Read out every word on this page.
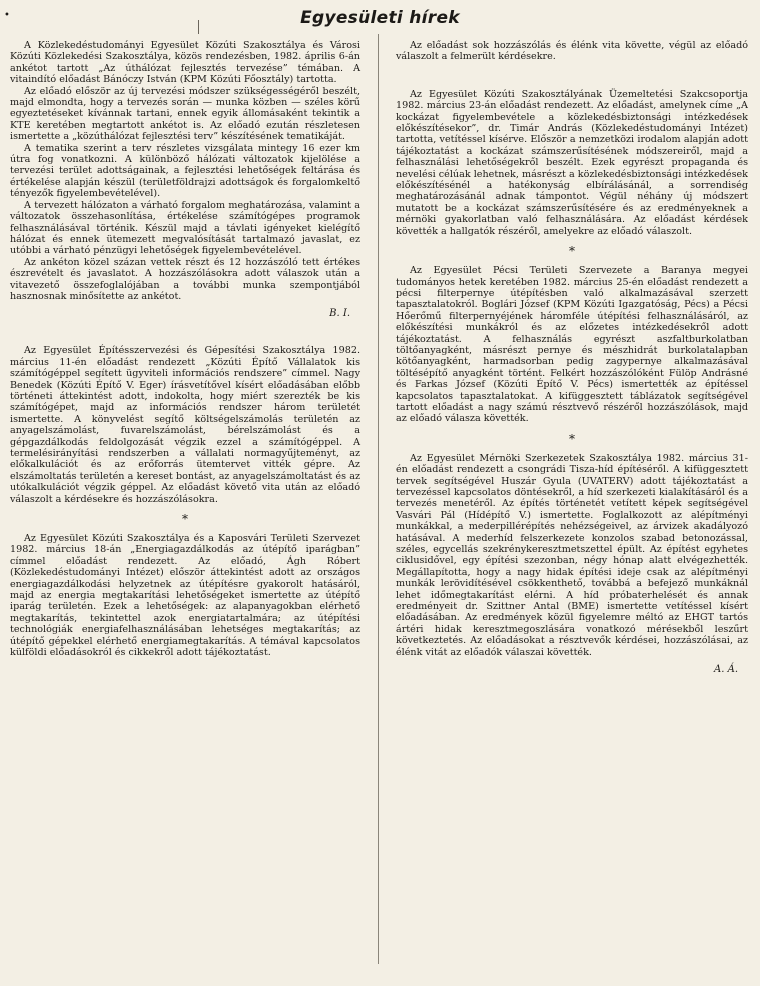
•	Egyesületi hírek

A Közlekedéstudományi Egyesület Közúti Szakosztálya és Városi Közúti Közlekedési Szakosztálya, közös rendezésben, 1982. április 6-án ankétot tartott „Az úthálózat fejlesztés tervezése” témában. A vitaindító előadást Bánóczy István (KPM Közúti Főosztály) tartotta.

Az előadó először az új tervezési módszer szükségességéről beszélt, majd elmondta, hogy a tervezés során — munka közben — széles körű egyeztetéseket kívánnak tartani, ennek egyik állomásaként tekintik a KTE keretében megtartott ankétot is. Az előadó ezután részletesen ismertette a „közúthálózat fejlesztési terv” készítésének tematikáját.

A tematika szerint a terv részletes vizsgálata mintegy 16 ezer km útra fog vonatkozni. A különböző hálózati változatok kijelölése a tervezési terület adottságainak, a fejlesztési lehetőségek feltárása és értékelése alapján készül (területföldrajzi adottságok és forgalomkeltő tényezők figyelembevételével).

A tervezett hálózaton a várható forgalom meghatározása, valamint a változatok összehasonlítása, értékelése számítógépes programok felhasználásával történik. Készül majd a távlati igényeket kielégítő hálózat és ennek ütemezett megvalósítását tartalmazó javaslat, ez utóbbi a várható pénzügyi lehetőségek figyelembevételével.

Az ankéton közel százan vettek részt és 12 hozzászóló tett értékes észrevételt és javaslatot. A hozzászólásokra adott válaszok után a vitavezető összefoglalójában a további munka szempontjából hasznosnak minősítette az ankétot.

B. I.

Az Egyesület Építésszervezési és Gépesítési Szakosztálya 1982. március 11-én előadást rendezett „Közúti Építő Vállalatok kis számítógéppel segített ügyviteli információs rendszere” címmel. Nagy Benedek (Közúti Építő V. Eger) írásvetítővel kísért előadásában előbb történeti áttekintést adott, indokolta, hogy miért szerezték be kis számítógépet, majd az információs rendszer három területét ismertette. A könyvelést segítő költségelszámolás területén az anyagelszámolást, fuvarelszámolást, bérelszámolást és a gépgazdálkodás feldolgozását végzik ezzel a számítógéppel. A termelésirányítási rendszerben a vállalati normagyűjteményt, az előkalkulációt és az erőforrás ütemtervet vitték gépre. Az elszámoltatás területén a kereset bontást, az anyagelszámoltatást és az utókalkulációt végzik géppel. Az előadást követő vita után az előadó válaszolt a kérdésekre és hozzászólásokra.

*

Az Egyesület Közúti Szakosztálya és a Kaposvári Területi Szervezet 1982. március 18-án „Energiagazdálkodás az útépítő iparágban” címmel előadást rendezett. Az előadó, Ágh Róbert (Közlekedéstudományi Intézet) először áttekintést adott az országos energiagazdálkodási helyzetnek az útépítésre gyakorolt hatásáról, majd az energia megtakarítási lehetőségeket ismertette az útépítő iparág területén. Ezek a lehetőségek: az alapanyagokban elérhető megtakarítás, tekintettel azok energiatartalmára; az útépítési technológiák energiafelhasználásában lehetséges megtakarítás; az útépítő gépekkel elérhető energiamegtakarítás. A témával kapcsolatos külföldi előadásokról és cikkekről adott tájékoztatást.

Az előadást sok hozzászólás és élénk vita követte, végül az előadó válaszolt a felmerült kérdésekre.

Az Egyesület Közúti Szakosztályának Üzemeltetési Szakcsoportja 1982. március 23-án előadást rendezett. Az előadást, amelynek címe „A kockázat figyelembevétele a közlekedésbiztonsági intézkedések előkészítésekor”, dr. Timár András (Közlekedéstudományi Intézet) tartotta, vetítéssel kísérve. Először a nemzetközi irodalom alapján adott tájékoztatást a kockázat számszerűsítésének módszereiről, majd a felhasználási lehetőségekről beszélt. Ezek egyrészt propaganda és nevelési célúak lehetnek, másrészt a közlekedésbiztonsági intézkedések előkészítésénél a hatékonyság elbírálásánál, a sorrendiség meghatározásánál adnak támpontot. Végül néhány új módszert mutatott be a kockázat számszerűsítésére és az eredményeknek a mérnöki gyakorlatban való felhasználására. Az előadást kérdések követték a hallgatók részéről, amelyekre az előadó válaszolt.

*

Az Egyesület Pécsi Területi Szervezete a Baranya megyei tudományos hetek keretében 1982. március 25-én előadást rendezett a pécsi filterpernye útépítésben való alkalmazásával szerzett tapasztalatokról. Boglári József (KPM Közúti Igazgatóság, Pécs) a Pécsi Hőerőmű filterpernyéjének háromféle útépítési felhasználásáról, az előkészítési munkákról és az előzetes intézkedésekről adott tájékoztatást. A felhasználás egyrészt aszfaltburkolatban töltőanyagként, másrészt pernye és mészhidrát burkolatalapban kötőanyagként, harmadsorban pedig zagypernye alkalmazásával töltésépítő anyagként történt. Felkért hozzászólóként Fülöp Andrásné és Farkas József (Közúti Építő V. Pécs) ismertették az építéssel kapcsolatos tapasztalatokat. A kifüggesztett táblázatok segítségével tartott előadást a nagy számú résztvevő részéről hozzászólások, majd az előadó válasza követték.

*

Az Egyesület Mérnöki Szerkezetek Szakosztálya 1982. március 31-én előadást rendezett a csongrádi Tisza-híd építéséről. A kifüggesztett tervek segítségével Huszár Gyula (UVATERV) adott tájékoztatást a tervezéssel kapcsolatos döntésekről, a híd szerkezeti kialakításáról és a tervezés menetéről. Az építés történetét vetített képek segítségével Vasvári Pál (Hídépítő V.) ismertette. Foglalkozott az alépítményi munkákkal, a mederpillérépítés nehézségeivel, az árvizek akadályozó hatásával. A mederhíd felszerkezete konzolos szabad betonozással, széles, egycellás szekrénykeresztmetszettel épült. Az építést egyhetes ciklusidővel, egy építési szezonban, négy hónap alatt elvégezhették. Megállapította, hogy a nagy hidak építési ideje csak az alépítményi munkák lerövidítésével csökkenthető, továbbá a befejező munkáknál lehet időmegtakarítást elérni. A híd próbaterhelését és annak eredményeit dr. Szittner Antal (BME) ismertette vetítéssel kísért előadásában. Az eredmények közül figyelemre méltó az EHGT tartós ártéri hidak keresztmegoszlására vonatkozó mérésekből leszűrt következtetés. Az előadásokat a résztvevők kérdései, hozzászólásai, az élénk vitát az előadók válaszai követték.

A. Á.
